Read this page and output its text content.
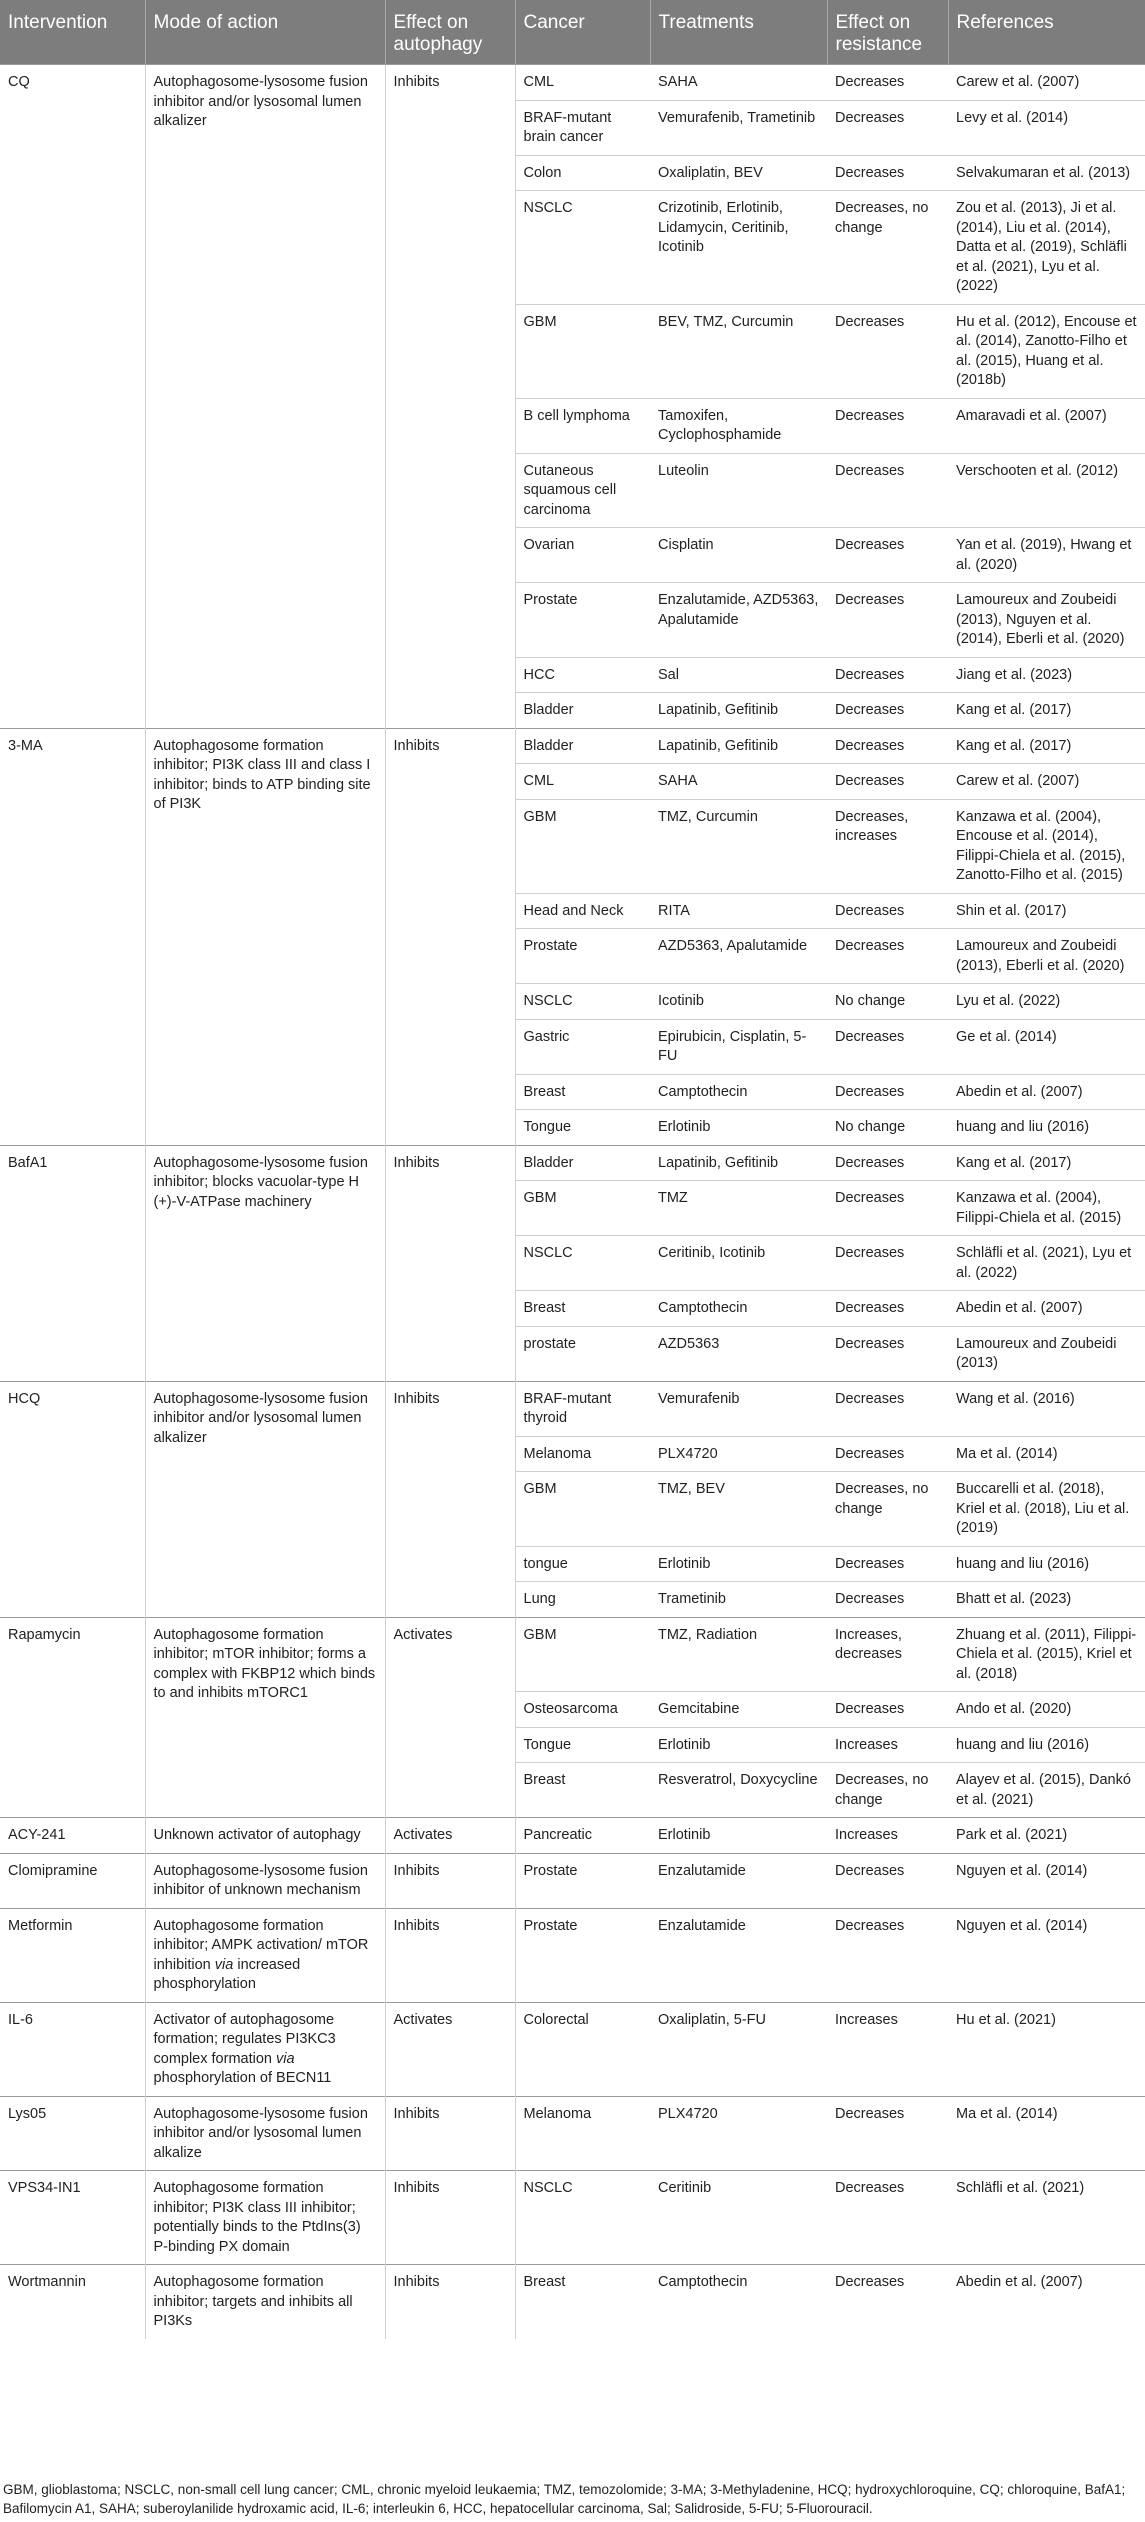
Intervention	Mode of action	Effect on autophagy	Cancer	Treatments	Effect on resistance	References
CQ	Autophagosome-lysosome fusion inhibitor and/or lysosomal lumen alkalizer	Inhibits	CML	SAHA	Decreases	Carew et al. (2007)
			BRAF-mutant brain cancer	Vemurafenib, Trametinib	Decreases	Levy et al. (2014)
			Colon	Oxaliplatin, BEV	Decreases	Selvakumaran et al. (2013)
			NSCLC	Crizotinib, Erlotinib, Lidamycin, Ceritinib, Icotinib	Decreases, no change	Zou et al. (2013), Ji et al. (2014), Liu et al. (2014), Datta et al. (2019), Schläfli et al. (2021), Lyu et al. (2022)
			GBM	BEV, TMZ, Curcumin	Decreases	Hu et al. (2012), Encouse et al. (2014), Zanotto-Filho et al. (2015), Huang et al. (2018b)
			B cell lymphoma	Tamoxifen, Cyclophosphamide	Decreases	Amaravadi et al. (2007)
			Cutaneous squamous cell carcinoma	Luteolin	Decreases	Verschooten et al. (2012)
			Ovarian	Cisplatin	Decreases	Yan et al. (2019), Hwang et al. (2020)
			Prostate	Enzalutamide, AZD5363, Apalutamide	Decreases	Lamoureux and Zoubeidi (2013), Nguyen et al. (2014), Eberli et al. (2020)
			HCC	Sal	Decreases	Jiang et al. (2023)
			Bladder	Lapatinib, Gefitinib	Decreases	Kang et al. (2017)
3-MA	Autophagosome formation inhibitor; PI3K class III and class I inhibitor; binds to ATP binding site of PI3K	Inhibits	Bladder	Lapatinib, Gefitinib	Decreases	Kang et al. (2017)
			CML	SAHA	Decreases	Carew et al. (2007)
			GBM	TMZ, Curcumin	Decreases, increases	Kanzawa et al. (2004), Encouse et al. (2014), Filippi-Chiela et al. (2015), Zanotto-Filho et al. (2015)
			Head and Neck	RITA	Decreases	Shin et al. (2017)
			Prostate	AZD5363, Apalutamide	Decreases	Lamoureux and Zoubeidi (2013), Eberli et al. (2020)
			NSCLC	Icotinib	No change	Lyu et al. (2022)
			Gastric	Epirubicin, Cisplatin, 5-FU	Decreases	Ge et al. (2014)
			Breast	Camptothecin	Decreases	Abedin et al. (2007)
			Tongue	Erlotinib	No change	huang and liu (2016)
BafA1	Autophagosome-lysosome fusion inhibitor; blocks vacuolar-type H (+)-V-ATPase machinery	Inhibits	Bladder	Lapatinib, Gefitinib	Decreases	Kang et al. (2017)
			GBM	TMZ	Decreases	Kanzawa et al. (2004), Filippi-Chiela et al. (2015)
			NSCLC	Ceritinib, Icotinib	Decreases	Schläfli et al. (2021), Lyu et al. (2022)
			Breast	Camptothecin	Decreases	Abedin et al. (2007)
			prostate	AZD5363	Decreases	Lamoureux and Zoubeidi (2013)
HCQ	Autophagosome-lysosome fusion inhibitor and/or lysosomal lumen alkalizer	Inhibits	BRAF-mutant thyroid	Vemurafenib	Decreases	Wang et al. (2016)
			Melanoma	PLX4720	Decreases	Ma et al. (2014)
			GBM	TMZ, BEV	Decreases, no change	Buccarelli et al. (2018), Kriel et al. (2018), Liu et al. (2019)
			tongue	Erlotinib	Decreases	huang and liu (2016)
			Lung	Trametinib	Decreases	Bhatt et al. (2023)
Rapamycin	Autophagosome formation inhibitor; mTOR inhibitor; forms a complex with FKBP12 which binds to and inhibits mTORC1	Activates	GBM	TMZ, Radiation	Increases, decreases	Zhuang et al. (2011), Filippi-Chiela et al. (2015), Kriel et al. (2018)
			Osteosarcoma	Gemcitabine	Decreases	Ando et al. (2020)
			Tongue	Erlotinib	Increases	huang and liu (2016)
			Breast	Resveratrol, Doxycycline	Decreases, no change	Alayev et al. (2015), Dankó et al. (2021)
ACY-241	Unknown activator of autophagy	Activates	Pancreatic	Erlotinib	Increases	Park et al. (2021)
Clomipramine	Autophagosome-lysosome fusion inhibitor of unknown mechanism	Inhibits	Prostate	Enzalutamide	Decreases	Nguyen et al. (2014)
Metformin	Autophagosome formation inhibitor; AMPK activation/ mTOR inhibition via increased phosphorylation	Inhibits	Prostate	Enzalutamide	Decreases	Nguyen et al. (2014)
IL-6	Activator of autophagosome formation; regulates PI3KC3 complex formation via phosphorylation of BECN11	Activates	Colorectal	Oxaliplatin, 5-FU	Increases	Hu et al. (2021)
Lys05	Autophagosome-lysosome fusion inhibitor and/or lysosomal lumen alkalize	Inhibits	Melanoma	PLX4720	Decreases	Ma et al. (2014)
VPS34-IN1	Autophagosome formation inhibitor; PI3K class III inhibitor; potentially binds to the PtdIns(3) P-binding PX domain	Inhibits	NSCLC	Ceritinib	Decreases	Schläfli et al. (2021)
Wortmannin	Autophagosome formation inhibitor; targets and inhibits all PI3Ks	Inhibits	Breast	Camptothecin	Decreases	Abedin et al. (2007)
GBM, glioblastoma; NSCLC, non-small cell lung cancer; CML, chronic myeloid leukaemia; TMZ, temozolomide; 3-MA; 3-Methyladenine, HCQ; hydroxychloroquine, CQ; chloroquine, BafA1; Bafilomycin A1, SAHA; suberoylanilide hydroxamic acid, IL-6; interleukin 6, HCC, hepatocellular carcinoma, Sal; Salidroside, 5-FU; 5-Fluorouracil.
